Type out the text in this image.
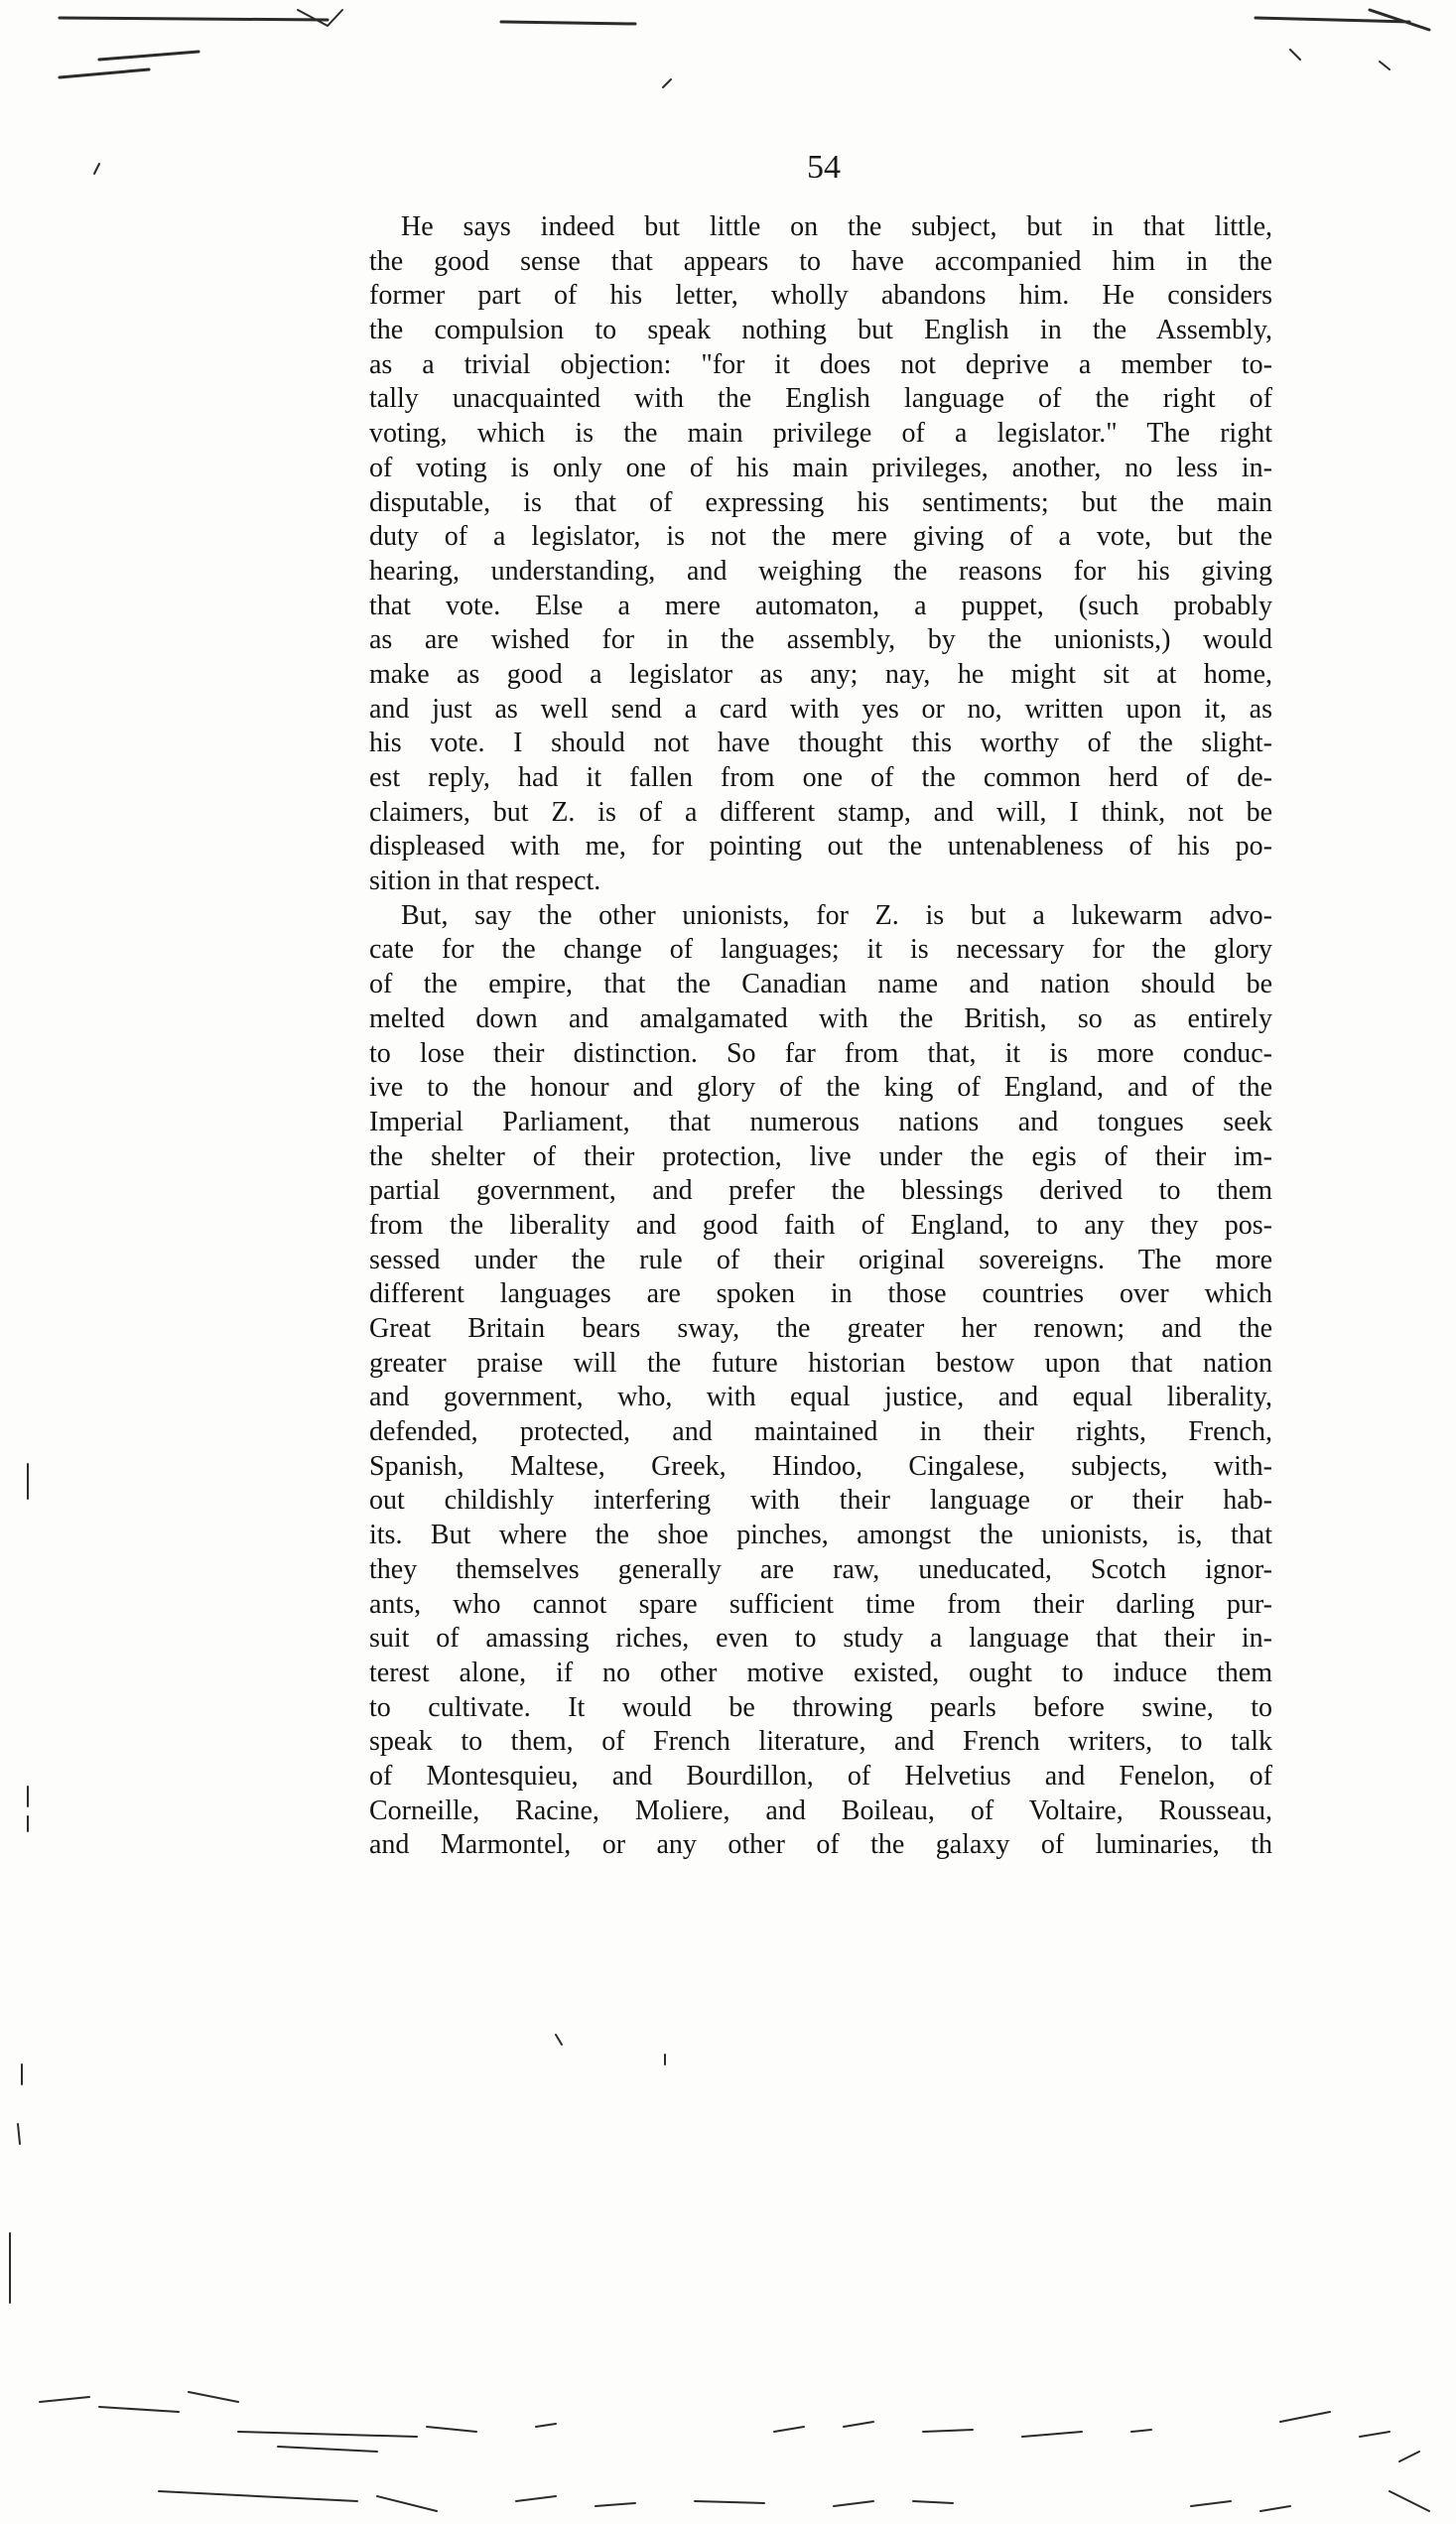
54
He says indeed but little on the subject, but in that little,
the good sense that appears to have accompanied him in the
former part of his letter, wholly abandons him. He considers
the compulsion to speak nothing but English in the Assembly,
as a trivial objection: "for it does not deprive a member to-
tally unacquainted with the English language of the right of
voting, which is the main privilege of a legislator." The right
of voting is only one of his main privileges, another, no less in-
disputable, is that of expressing his sentiments; but the main
duty of a legislator, is not the mere giving of a vote, but the
hearing, understanding, and weighing the reasons for his giving
that vote. Else a mere automaton, a puppet, (such probably
as are wished for in the assembly, by the unionists,) would
make as good a legislator as any; nay, he might sit at home,
and just as well send a card with yes or no, written upon it, as
his vote. I should not have thought this worthy of the slight-
est reply, had it fallen from one of the common herd of de-
claimers, but Z. is of a different stamp, and will, I think, not be
displeased with me, for pointing out the untenableness of his po-
sition in that respect.
But, say the other unionists, for Z. is but a lukewarm advo-
cate for the change of languages; it is necessary for the glory
of the empire, that the Canadian name and nation should be
melted down and amalgamated with the British, so as entirely
to lose their distinction. So far from that, it is more conduc-
ive to the honour and glory of the king of England, and of the
Imperial Parliament, that numerous nations and tongues seek
the shelter of their protection, live under the egis of their im-
partial government, and prefer the blessings derived to them
from the liberality and good faith of England, to any they pos-
sessed under the rule of their original sovereigns. The more
different languages are spoken in those countries over which
Great Britain bears sway, the greater her renown; and the
greater praise will the future historian bestow upon that nation
and government, who, with equal justice, and equal liberality,
defended, protected, and maintained in their rights, French,
Spanish, Maltese, Greek, Hindoo, Cingalese, subjects, with-
out childishly interfering with their language or their hab-
its. But where the shoe pinches, amongst the unionists, is, that
they themselves generally are raw, uneducated, Scotch ignor-
ants, who cannot spare sufficient time from their darling pur-
suit of amassing riches, even to study a language that their in-
terest alone, if no other motive existed, ought to induce them
to cultivate. It would be throwing pearls before swine, to
speak to them, of French literature, and French writers, to talk
of Montesquieu, and Bourdillon, of Helvetius and Fenelon, of
Corneille, Racine, Moliere, and Boileau, of Voltaire, Rousseau,
and Marmontel, or any other of the galaxy of luminaries, th
